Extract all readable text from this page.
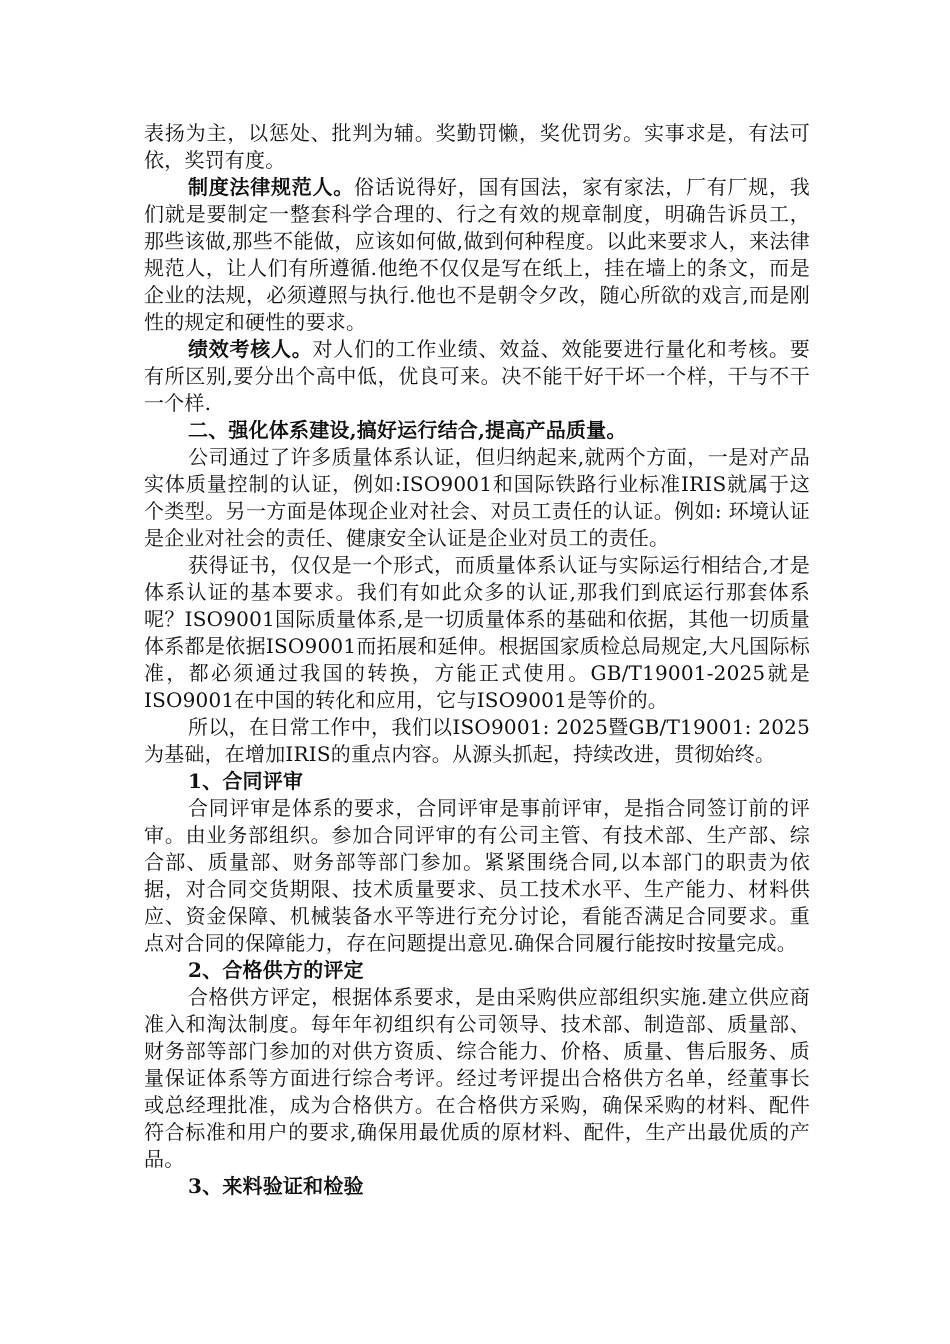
表扬为主，以惩处、批判为辅。奖勤罚懒，奖优罚劣。实事求是，有法可依，奖罚有度。

制度法律规范人。俗话说得好，国有国法，家有家法，厂有厂规，我们就是要制定一整套科学合理的、行之有效的规章制度，明确告诉员工，那些该做,那些不能做，应该如何做,做到何种程度。以此来要求人，来法律规范人，让人们有所遵循.他绝不仅仅是写在纸上，挂在墙上的条文，而是企业的法规，必须遵照与执行.他也不是朝令夕改，随心所欲的戏言,而是刚性的规定和硬性的要求。

绩效考核人。对人们的工作业绩、效益、效能要进行量化和考核。要有所区别,要分出个高中低，优良可来。决不能干好干坏一个样，干与不干一个样.

二、强化体系建设,搞好运行结合,提高产品质量。

公司通过了许多质量体系认证，但归纳起来,就两个方面，一是对产品实体质量控制的认证，例如:ISO9001和国际铁路行业标准IRIS就属于这个类型。另一方面是体现企业对社会、对员工责任的认证。例如: 环境认证是企业对社会的责任、健康安全认证是企业对员工的责任。

获得证书，仅仅是一个形式，而质量体系认证与实际运行相结合,才是体系认证的基本要求。我们有如此众多的认证,那我们到底运行那套体系呢？ISO9001国际质量体系,是一切质量体系的基础和依据，其他一切质量体系都是依据ISO9001而拓展和延伸。根据国家质检总局规定,大凡国际标准，都必须通过我国的转换，方能正式使用。GB/T19001-2025就是ISO9001在中国的转化和应用，它与ISO9001是等价的。

所以，在日常工作中，我们以ISO9001: 2025暨GB/T19001: 2025为基础，在增加IRIS的重点内容。从源头抓起，持续改进，贯彻始终。

1、合同评审

合同评审是体系的要求，合同评审是事前评审，是指合同签订前的评审。由业务部组织。参加合同评审的有公司主管、有技术部、生产部、综合部、质量部、财务部等部门参加。紧紧围绕合同,以本部门的职责为依据，对合同交货期限、技术质量要求、员工技术水平、生产能力、材料供应、资金保障、机械装备水平等进行充分讨论，看能否满足合同要求。重点对合同的保障能力，存在问题提出意见.确保合同履行能按时按量完成。

2、合格供方的评定

合格供方评定，根据体系要求，是由采购供应部组织实施.建立供应商准入和淘汰制度。每年年初组织有公司领导、技术部、制造部、质量部、财务部等部门参加的对供方资质、综合能力、价格、质量、售后服务、质量保证体系等方面进行综合考评。经过考评提出合格供方名单，经董事长或总经理批准，成为合格供方。在合格供方采购，确保采购的材料、配件符合标准和用户的要求,确保用最优质的原材料、配件，生产出最优质的产品。

3、来料验证和检验
